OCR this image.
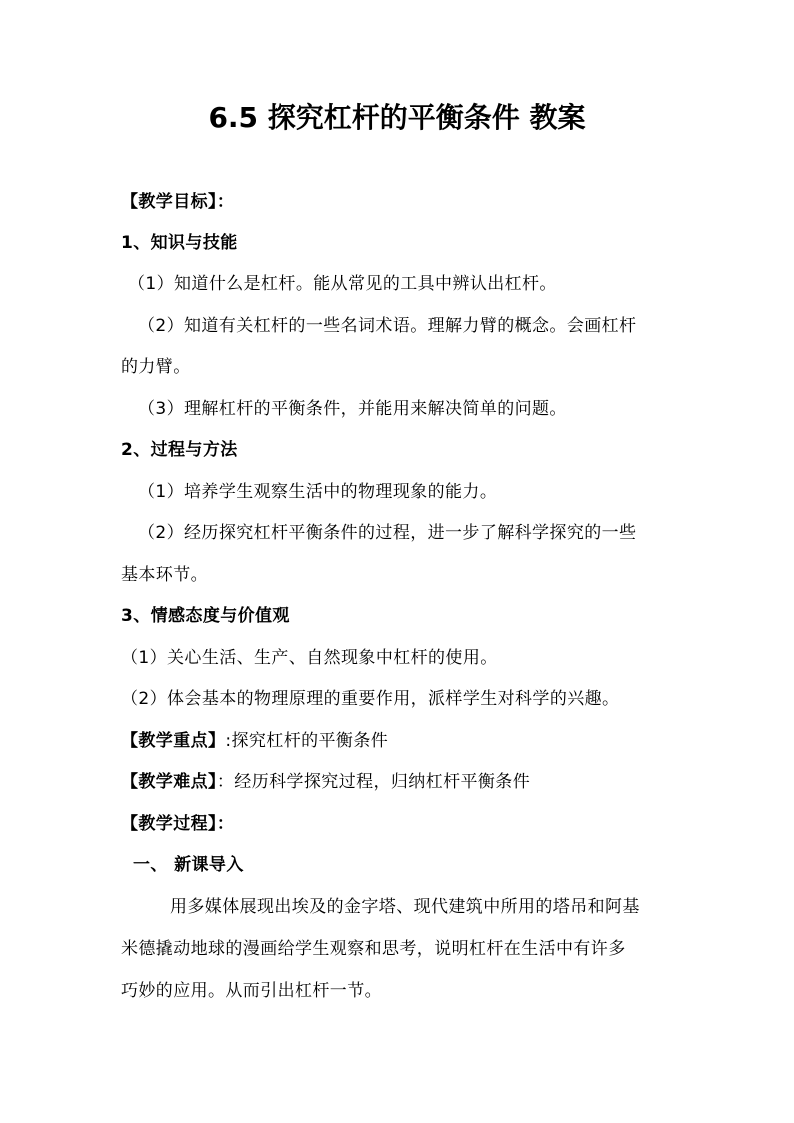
6.5 探究杠杆的平衡条件 教案
【教学目标】：
1、知识与技能
（1）知道什么是杠杆。能从常见的工具中辨认出杠杆。
（2）知道有关杠杆的一些名词术语。理解力臂的概念。会画杠杆
的力臂。
（3）理解杠杆的平衡条件，并能用来解决简单的问题。
2、过程与方法
（1）培养学生观察生活中的物理现象的能力。
（2）经历探究杠杆平衡条件的过程，进一步了解科学探究的一些
基本环节。
3、情感态度与价值观
（1）关心生活、生产、自然现象中杠杆的使用。
（2）体会基本的物理原理的重要作用，派样学生对科学的兴趣。
【教学重点】:探究杠杆的平衡条件
【教学难点】：经历科学探究过程，归纳杠杆平衡条件
【教学过程】：
一、 新课导入
用多媒体展现出埃及的金字塔、现代建筑中所用的塔吊和阿基
米德撬动地球的漫画给学生观察和思考，说明杠杆在生活中有许多
巧妙的应用。从而引出杠杆一节。
